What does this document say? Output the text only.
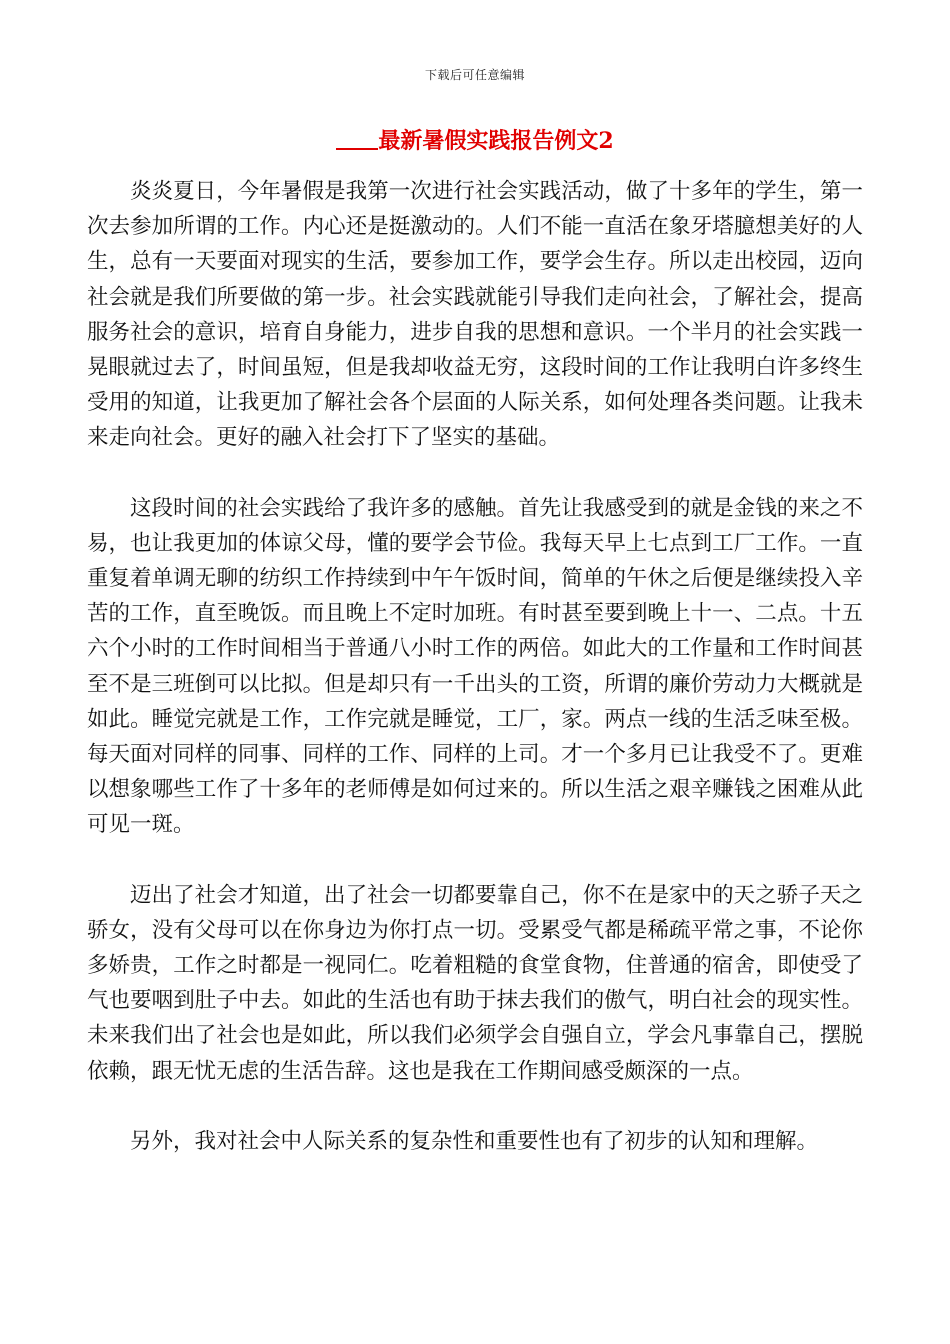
下载后可任意编辑
最新暑假实践报告例文2

炎炎夏日，今年暑假是我第一次进行社会实践活动，做了十多年的学生，第一次去参加所谓的工作。内心还是挺激动的。人们不能一直活在象牙塔臆想美好的人生，总有一天要面对现实的生活，要参加工作，要学会生存。所以走出校园，迈向社会就是我们所要做的第一步。社会实践就能引导我们走向社会，了解社会，提高服务社会的意识，培育自身能力，进步自我的思想和意识。一个半月的社会实践一晃眼就过去了，时间虽短，但是我却收益无穷，这段时间的工作让我明白许多终生受用的知道，让我更加了解社会各个层面的人际关系，如何处理各类问题。让我未来走向社会。更好的融入社会打下了坚实的基础。

这段时间的社会实践给了我许多的感触。首先让我感受到的就是金钱的来之不易，也让我更加的体谅父母，懂的要学会节俭。我每天早上七点到工厂工作。一直重复着单调无聊的纺织工作持续到中午午饭时间，简单的午休之后便是继续投入辛苦的工作，直至晚饭。而且晚上不定时加班。有时甚至要到晚上十一、二点。十五六个小时的工作时间相当于普通八小时工作的两倍。如此大的工作量和工作时间甚至不是三班倒可以比拟。但是却只有一千出头的工资，所谓的廉价劳动力大概就是如此。睡觉完就是工作，工作完就是睡觉，工厂，家。两点一线的生活乏味至极。每天面对同样的同事、同样的工作、同样的上司。才一个多月已让我受不了。更难以想象哪些工作了十多年的老师傅是如何过来的。所以生活之艰辛赚钱之困难从此可见一斑。

迈出了社会才知道，出了社会一切都要靠自己，你不在是家中的天之骄子天之骄女，没有父母可以在你身边为你打点一切。受累受气都是稀疏平常之事，不论你多娇贵，工作之时都是一视同仁。吃着粗糙的食堂食物，住普通的宿舍，即使受了气也要咽到肚子中去。如此的生活也有助于抹去我们的傲气，明白社会的现实性。未来我们出了社会也是如此，所以我们必须学会自强自立，学会凡事靠自己，摆脱依赖，跟无忧无虑的生活告辞。这也是我在工作期间感受颇深的一点。

另外，我对社会中人际关系的复杂性和重要性也有了初步的认知和理解。
